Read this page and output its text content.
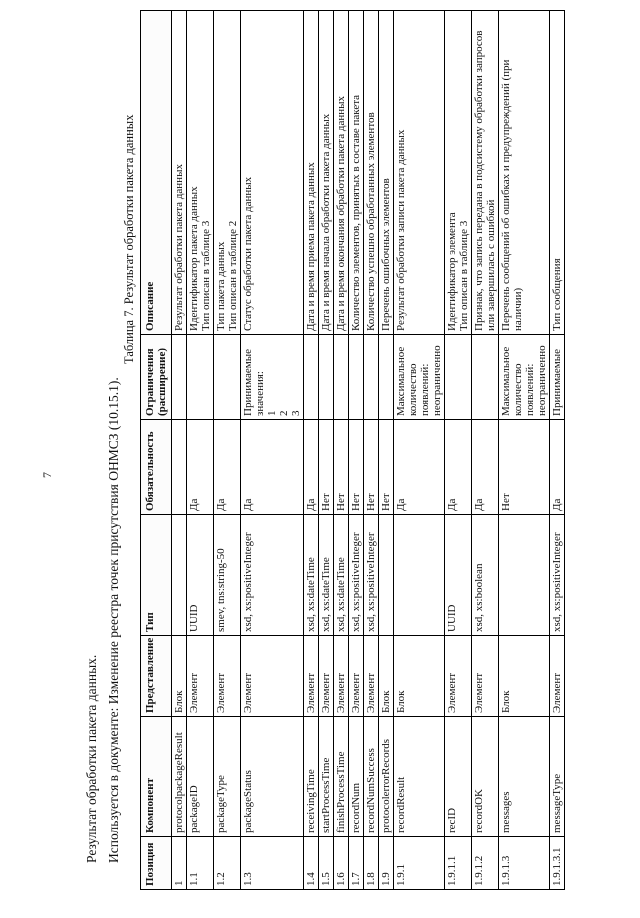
7
Результат обработки пакета данных. Используется в документе: Изменение реестра точек присутствия ОНМСЗ (10.15.1).
Таблица 7. Результат обработки пакета данных
Позиция	Компонент	Представление	Тип	Обязательность	Ограничения (расширение)	Описание
1	protocolpackageResult	Блок				Результат обработки пакета данных
1.1	packageID	Элемент	UUID	Да		Идентификатор пакета данных
Тип описан в таблице 3
1.2	packageType	Элемент	smev, tns:string-50	Да		Тип пакета данных
Тип описан в таблице 2
1.3	packageStatus	Элемент	xsd, xs:positiveInteger	Да	Принимаемые значения:
1
2
3	Статус обработки пакета данных
1.4	receivingTime	Элемент	xsd, xs:dateTime	Да		Дата и время приема пакета данных
1.5	startProcessTime	Элемент	xsd, xs:dateTime	Нет		Дата и время начала обработки пакета данных
1.6	finishProcessTime	Элемент	xsd, xs:dateTime	Нет		Дата и время окончания обработки пакета данных
1.7	recordNum	Элемент	xsd, xs:positiveInteger	Нет		Количество элементов, принятых в составе пакета
1.8	recordNumSuccess	Элемент	xsd, xs:positiveInteger	Нет		Количество успешно обработанных элементов
1.9	protocolerrorRecords	Блок		Нет		Перечень ошибочных элементов
1.9.1	recordResult	Блок		Да	Максимальное количество появлений: неограниченно	Результат обработки записи пакета данных
1.9.1.1	recID	Элемент	UUID	Да		Идентификатор элемента
Тип описан в таблице 3
1.9.1.2	recordOK	Элемент	xsd, xs:boolean	Да		Признак, что запись передана в подсистему обработки запросов или завершилась с ошибкой
1.9.1.3	messages	Блок		Нет	Максимальное количество появлений: неограниченно	Перечень сообщений об ошибках и предупреждений (при наличии)
1.9.1.3.1	messageType	Элемент	xsd, xs:positiveInteger	Да	Принимаемые	Тип сообщения
